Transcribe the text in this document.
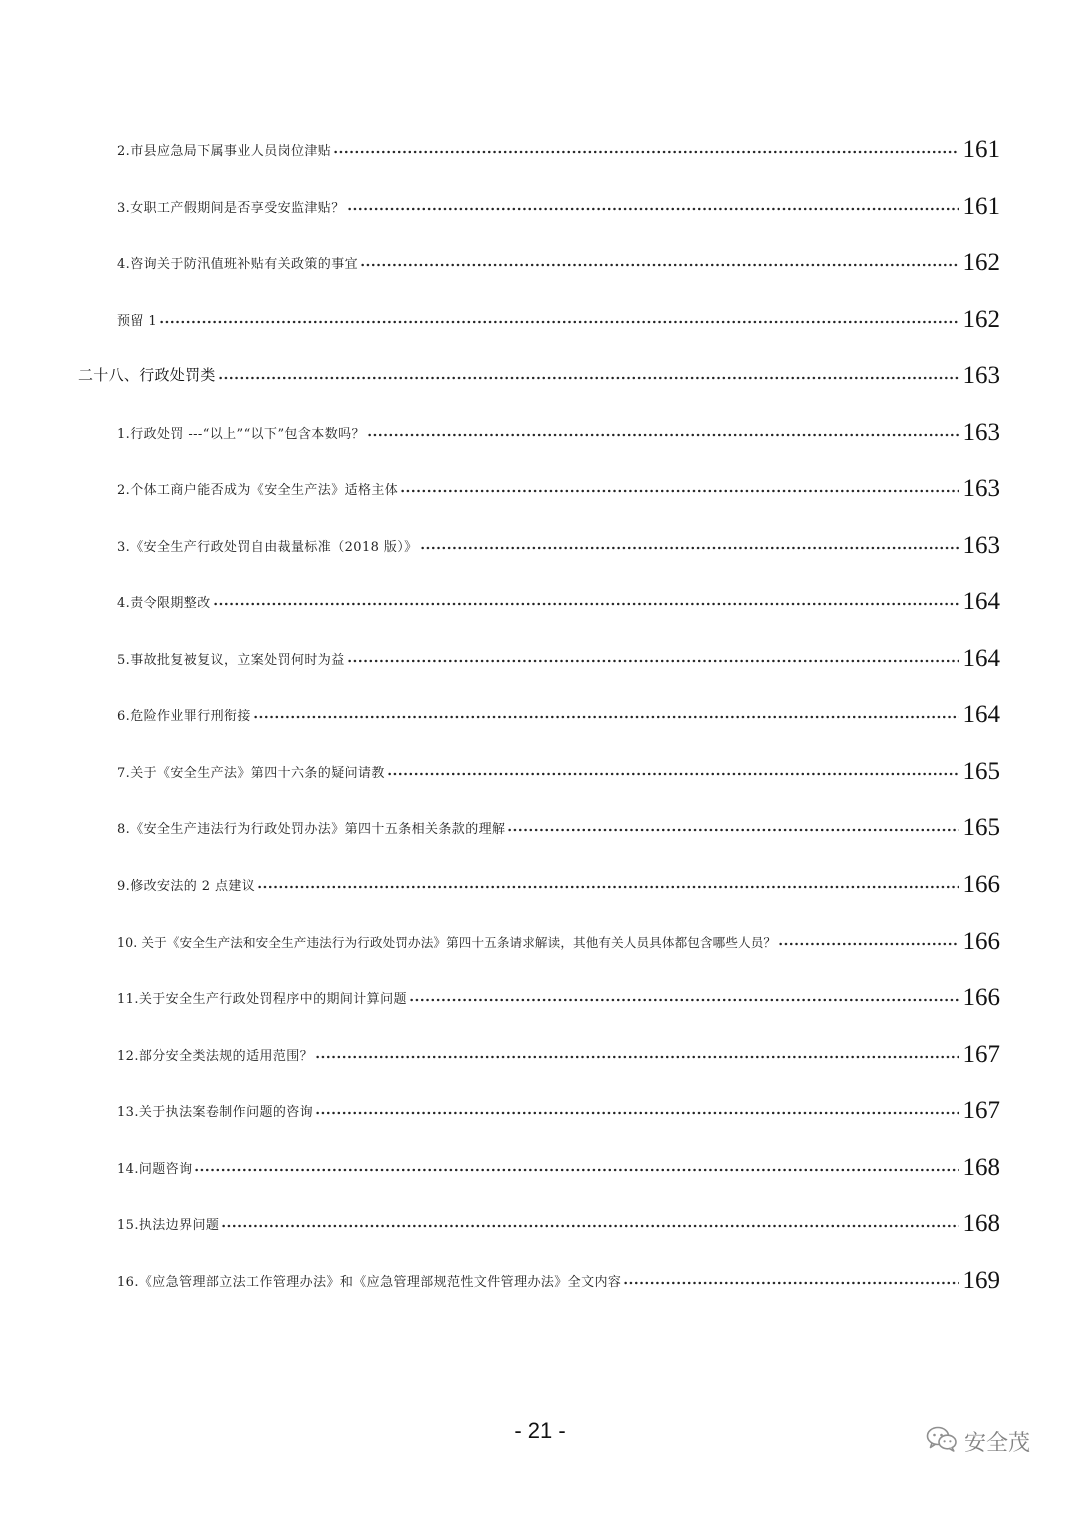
2.市县应急局下属事业人员岗位津贴	161
3.女职工产假期间是否享受安监津贴？	161
4.咨询关于防汛值班补贴有关政策的事宜	162
预留 1	162
二十八、行政处罚类	163
1.行政处罚 ---“以上”“以下”包含本数吗？	163
2.个体工商户能否成为《安全生产法》适格主体	163
3.《安全生产行政处罚自由裁量标准（2018 版）》	163
4.责令限期整改	164
5.事故批复被复议，立案处罚何时为益	164
6.危险作业罪行刑衔接	164
7.关于《安全生产法》第四十六条的疑问请教	165
8.《安全生产违法行为行政处罚办法》第四十五条相关条款的理解	165
9.修改安法的 2 点建议	166
10. 关于《安全生产法和安全生产违法行为行政处罚办法》第四十五条请求解读，其他有关人员具体都包含哪些人员？	166
11.关于安全生产行政处罚程序中的期间计算问题	166
12.部分安全类法规的适用范围？	167
13.关于执法案卷制作问题的咨询	167
14.问题咨询	168
15.执法边界问题	168
16.《应急管理部立法工作管理办法》和《应急管理部规范性文件管理办法》全文内容	169
- 21 -	安全茂
